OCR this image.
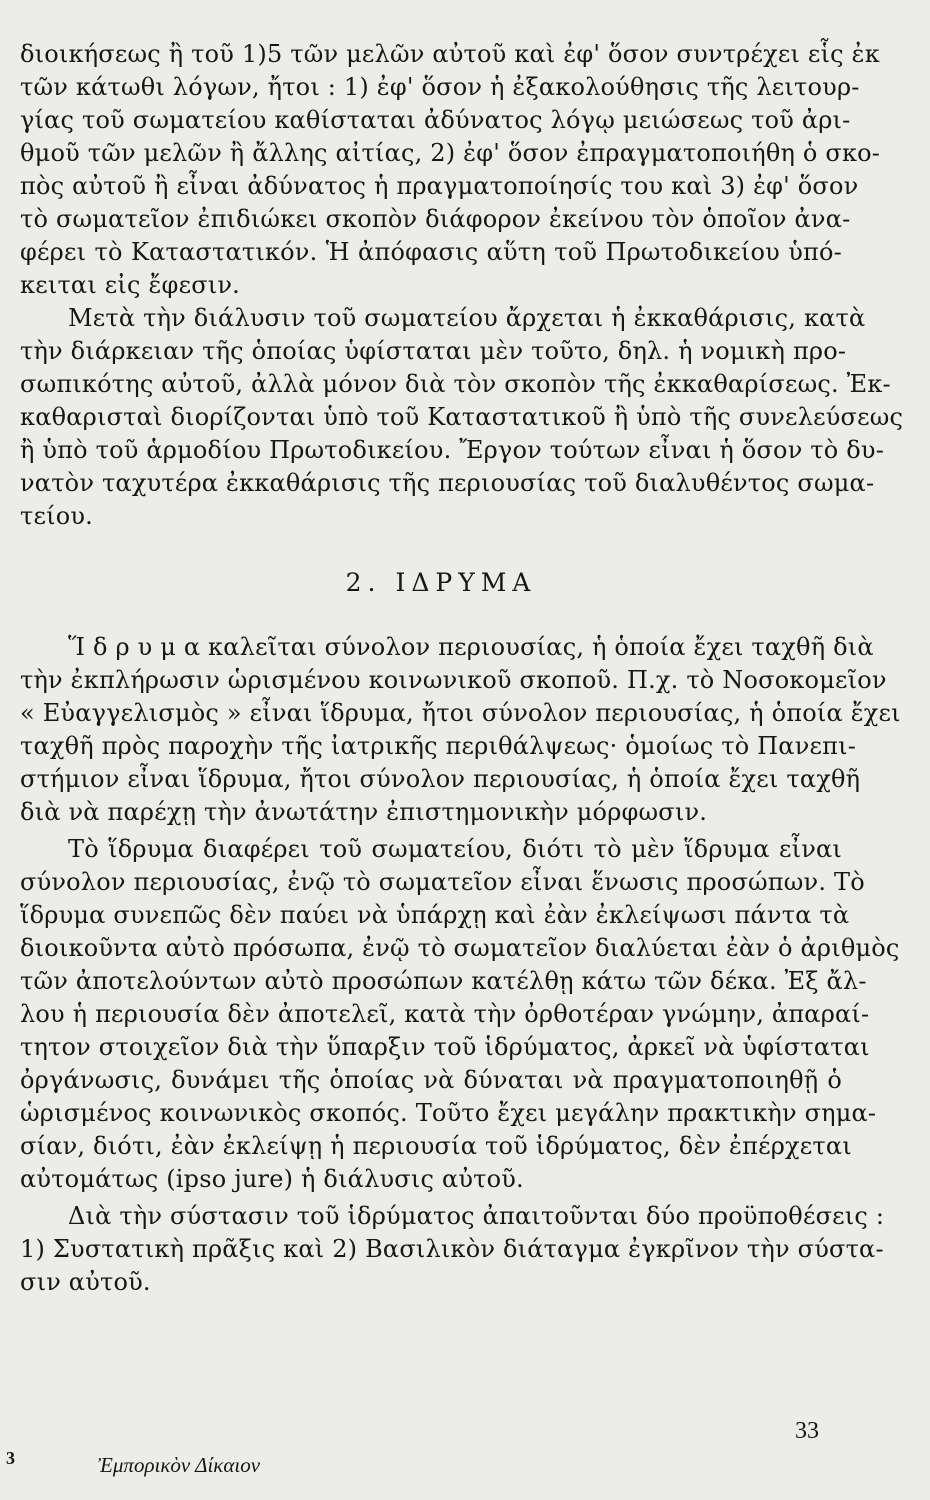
διοικήσεως ἢ τοῦ 1)5 τῶν μελῶν αὐτοῦ καὶ ἐφ' ὅσον συντρέχει εἷς ἐκ
τῶν κάτωθι λόγων, ἤτοι : 1) ἐφ' ὅσον ἡ ἐξακολούθησις τῆς λειτουρ-
γίας τοῦ σωματείου καθίσταται ἀδύνατος λόγῳ μειώσεως τοῦ ἀρι-
θμοῦ τῶν μελῶν ἢ ἄλλης αἰτίας, 2) ἐφ' ὅσον ἐπραγματοποιήθη ὁ σκο-
πὸς αὐτοῦ ἢ εἶναι ἀδύνατος ἡ πραγματοποίησίς του καὶ 3) ἐφ' ὅσον
τὸ σωματεῖον ἐπιδιώκει σκοπὸν διάφορον ἐκείνου τὸν ὁποῖον ἀνα-
φέρει τὸ Καταστατικόν. Ἡ ἀπόφασις αὕτη τοῦ Πρωτοδικείου ὑπό-
κειται εἰς ἔφεσιν.
Μετὰ τὴν διάλυσιν τοῦ σωματείου ἄρχεται ἡ ἐκκαθάρισις, κατὰ
τὴν διάρκειαν τῆς ὁποίας ὑφίσταται μὲν τοῦτο, δηλ. ἡ νομικὴ προ-
σωπικότης αὐτοῦ, ἀλλὰ μόνον διὰ τὸν σκοπὸν τῆς ἐκκαθαρίσεως. Ἐκ-
καθαρισταὶ διορίζονται ὑπὸ τοῦ Καταστατικοῦ ἢ ὑπὸ τῆς συνελεύσεως
ἢ ὑπὸ τοῦ ἁρμοδίου Πρωτοδικείου. Ἔργον τούτων εἶναι ἡ ὅσον τὸ δυ-
νατὸν ταχυτέρα ἐκκαθάρισις τῆς περιουσίας τοῦ διαλυθέντος σωμα-
τείου.
2. ΙΔΡΥΜΑ
Ἵ δ ρ υ μ α καλεῖται σύνολον περιουσίας, ἡ ὁποία ἔχει ταχθῆ διὰ
τὴν ἐκπλήρωσιν ὡρισμένου κοινωνικοῦ σκοποῦ. Π.χ. τὸ Νοσοκομεῖον
« Εὐαγγελισμὸς » εἶναι ἵδρυμα, ἤτοι σύνολον περιουσίας, ἡ ὁποία ἔχει
ταχθῆ πρὸς παροχὴν τῆς ἰατρικῆς περιθάλψεως· ὁμοίως τὸ Πανεπι-
στήμιον εἶναι ἵδρυμα, ἤτοι σύνολον περιουσίας, ἡ ὁποία ἔχει ταχθῆ
διὰ νὰ παρέχῃ τὴν ἀνωτάτην ἐπιστημονικὴν μόρφωσιν.
Τὸ ἵδρυμα διαφέρει τοῦ σωματείου, διότι τὸ μὲν ἵδρυμα εἶναι
σύνολον περιουσίας, ἐνῷ τὸ σωματεῖον εἶναι ἕνωσις προσώπων. Τὸ
ἵδρυμα συνεπῶς δὲν παύει νὰ ὑπάρχῃ καὶ ἐὰν ἐκλείψωσι πάντα τὰ
διοικοῦντα αὐτὸ πρόσωπα, ἐνῷ τὸ σωματεῖον διαλύεται ἐὰν ὁ ἀριθμὸς
τῶν ἀποτελούντων αὐτὸ προσώπων κατέλθῃ κάτω τῶν δέκα. Ἐξ ἄλ-
λου ἡ περιουσία δὲν ἀποτελεῖ, κατὰ τὴν ὀρθοτέραν γνώμην, ἀπαραί-
τητον στοιχεῖον διὰ τὴν ὕπαρξιν τοῦ ἱδρύματος, ἀρκεῖ νὰ ὑφίσταται
ὀργάνωσις, δυνάμει τῆς ὁποίας νὰ δύναται νὰ πραγματοποιηθῇ ὁ
ὡρισμένος κοινωνικὸς σκοπός. Τοῦτο ἔχει μεγάλην πρακτικὴν σημα-
σίαν, διότι, ἐὰν ἐκλείψῃ ἡ περιουσία τοῦ ἱδρύματος, δὲν ἐπέρχεται
αὐτομάτως (ipso jure) ἡ διάλυσις αὐτοῦ.
Διὰ τὴν σύστασιν τοῦ ἱδρύματος ἀπαιτοῦνται δύο προϋποθέσεις :
1) Συστατικὴ πρᾶξις καὶ 2) Βασιλικὸν διάταγμα ἐγκρῖνον τὴν σύστα-
σιν αὐτοῦ.
33
3	Ἐμπορικὸν Δίκαιον
